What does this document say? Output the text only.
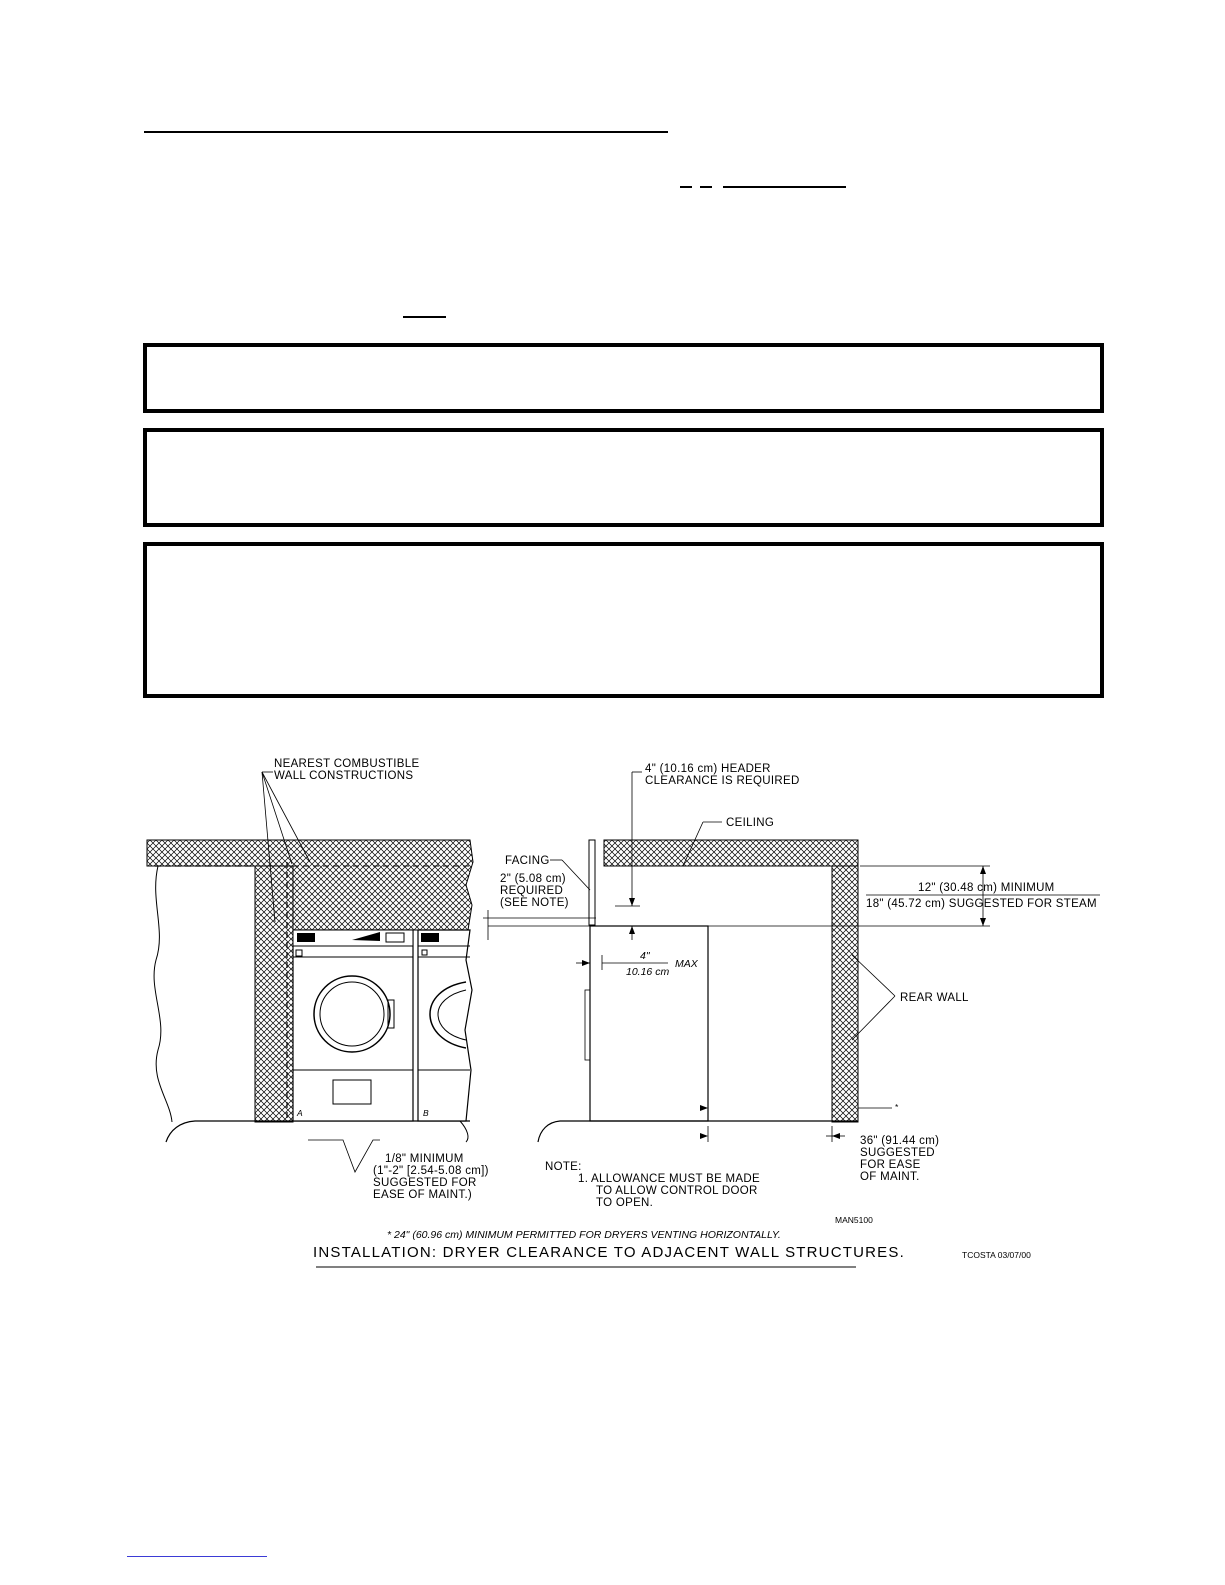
A	B
NEAREST COMBUSTIBLE
WALL CONSTRUCTIONS
1/8" MINIMUM
(1"-2" [2.54-5.08 cm])
SUGGESTED FOR
EASE OF MAINT.)
12" (30.48 cm) MINIMUM
18" (45.72 cm) SUGGESTED FOR STEAM
4" (10.16 cm) HEADER
CLEARANCE IS REQUIRED
CEILING
FACING
2" (5.08 cm)
REQUIRED
(SEE NOTE)
4"
10.16 cm
MAX
REAR WALL
*
36" (91.44 cm)
SUGGESTED
FOR EASE
OF MAINT.
NOTE:
1. ALLOWANCE MUST BE MADE
TO ALLOW CONTROL DOOR
TO OPEN.
MAN5100
* 24" (60.96 cm) MINIMUM PERMITTED FOR DRYERS VENTING HORIZONTALLY.
INSTALLATION: DRYER CLEARANCE TO ADJACENT WALL STRUCTURES.	TCOSTA 03/07/00
